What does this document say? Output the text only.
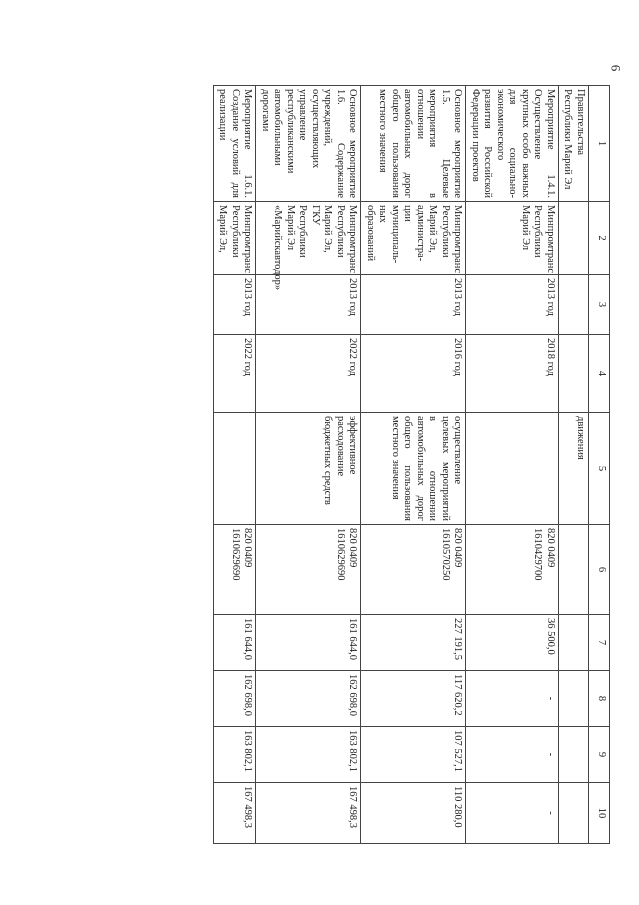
6
1	2	3	4	5	6	7	8	9	10
Правительства Республики Марий Эл				движения					
Мероприятие 1.4.1. Осуществление крупных особо важных для социально-экономического развития Российской Федерации проектов	Минпромтранс Республики Марий Эл	2013 год	2018 год		820 0409 1610429700	36 500,0	-	-	-
Основное мероприятие 1.5. Целевые мероприятия в отношении автомобильных дорог общего пользования местного значения	Минпромтранс Республики Марий Эл, администра-ции муниципаль-ных образований	2013 год	2016 год	осуществление целевых мероприятий в отношении автомобильных дорог общего пользования местного значения	820 0409 1610570250	227 191,5	117 620,2	107 527,1	110 280,0
Основное мероприятие 1.6. Содержание учреждений, осуществляющих управление республиканскими автомобильными дорогами	Минпромтранс Республики Марий Эл, ГКУ Республики Марий Эл «Марийскавтодор»	2013 год	2022 год	эффективное расходование бюджетных средств	820 0409 1610629690	161 644,0	162 698,0	163 802,1	167 498,3
Мероприятие 1.6.1. Создание условий для реализации	Минпромтранс Республики Марий Эл,	2013 год	2022 год		820 0409 1610629690	161 644,0	162 698,0	163 802,1	167 498,3
